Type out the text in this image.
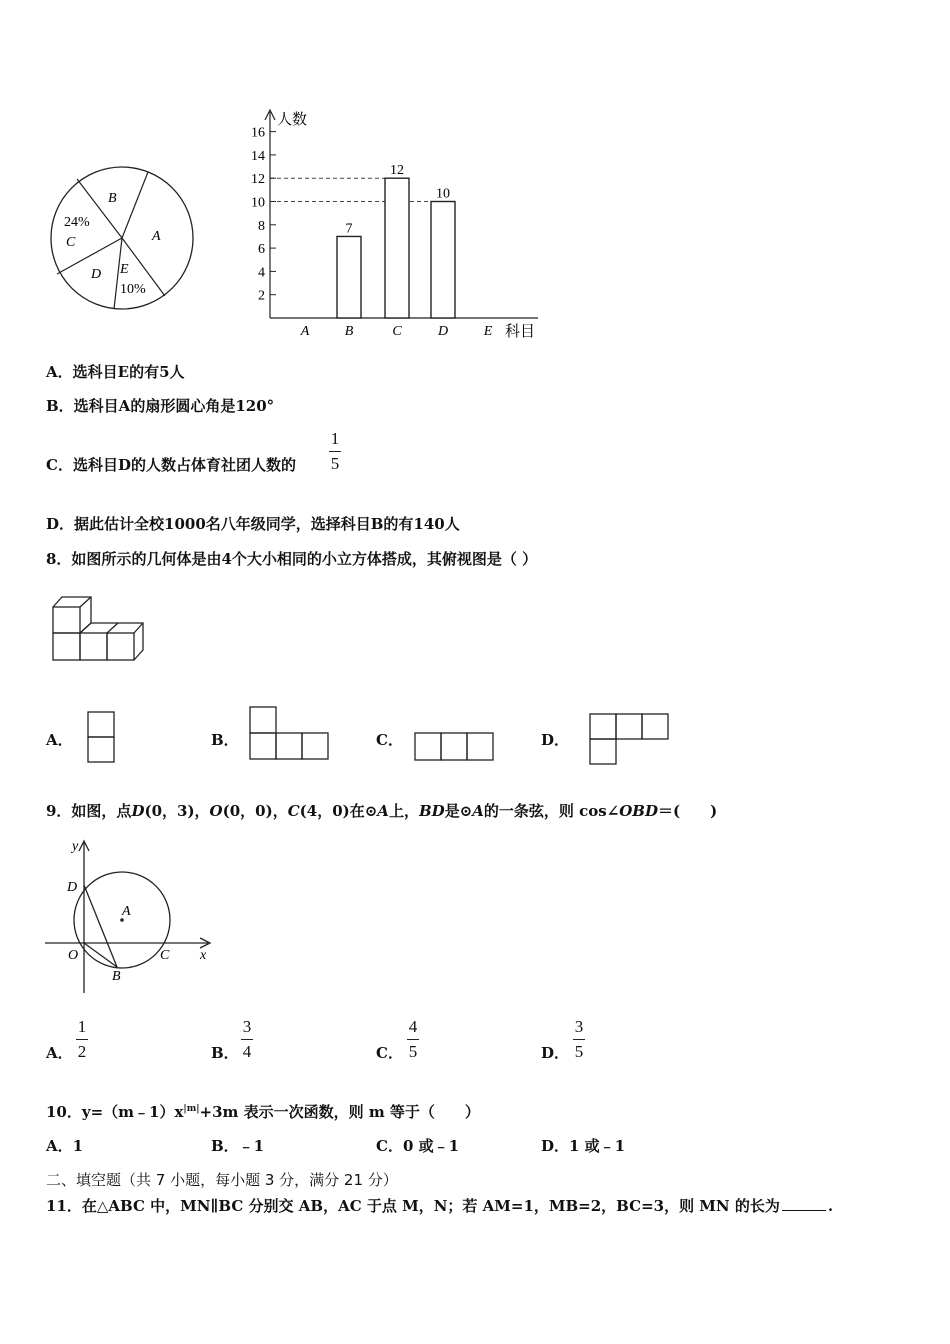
B
A
24%
C
D E
10%
人数
科目
2
4
6
8
10
12
14
16
A	B	C	D	E
7
12
10
A．选科目E的有5人
B．选科目A的扇形圆心角是120°
C．选科目D的人数占体育社团人数的
1
5
D．据此估计全校1000名八年级同学，选择科目B的有140人
8．如图所示的几何体是由4个大小相同的小立方体搭成，其俯视图是（ ）
A．	B．	C．	D．
9．如图，点D(0，3)，O(0，0)，C(4，0)在⊙A上，BD是⊙A的一条弦，则 cos∠OBD＝(　　)
y
x
D
A
O	C
B
A．
1
2	B．
3
4	C．
4
5	D．
3
5
10．$y=(m﹣1)x^{|m|}+3m$ 表示一次函数，则 m 等于（　　）
A．1	B．﹣1	C．0 或﹣1	D．1 或﹣1
二、填空题（共 7 小题，每小题 3 分，满分 21 分）
11．在△ABC 中，MN∥BC 分别交 AB，AC 于点 M，N；若 AM=1，MB=2，BC=3，则 MN 的长为	.
